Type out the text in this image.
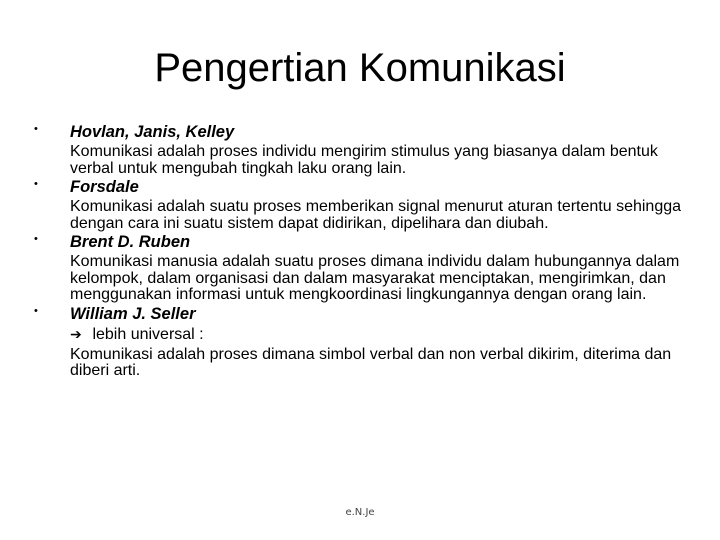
Pengertian Komunikasi
• Hovlan, Janis, Kelley
Komunikasi adalah proses individu mengirim stimulus yang biasanya dalam bentuk verbal untuk mengubah tingkah laku orang lain.
• Forsdale
Komunikasi adalah suatu proses memberikan signal menurut aturan tertentu sehingga dengan cara ini suatu sistem dapat didirikan, dipelihara dan diubah.
• Brent D. Ruben
Komunikasi manusia adalah suatu proses dimana individu dalam hubungannya dalam kelompok, dalam organisasi dan dalam masyarakat menciptakan, mengirimkan, dan menggunakan informasi untuk mengkoordinasi lingkungannya dengan orang lain.
• William J. Seller
➔ lebih universal :
Komunikasi adalah proses dimana simbol verbal dan non verbal dikirim, diterima dan diberi arti.
e.N.Je
